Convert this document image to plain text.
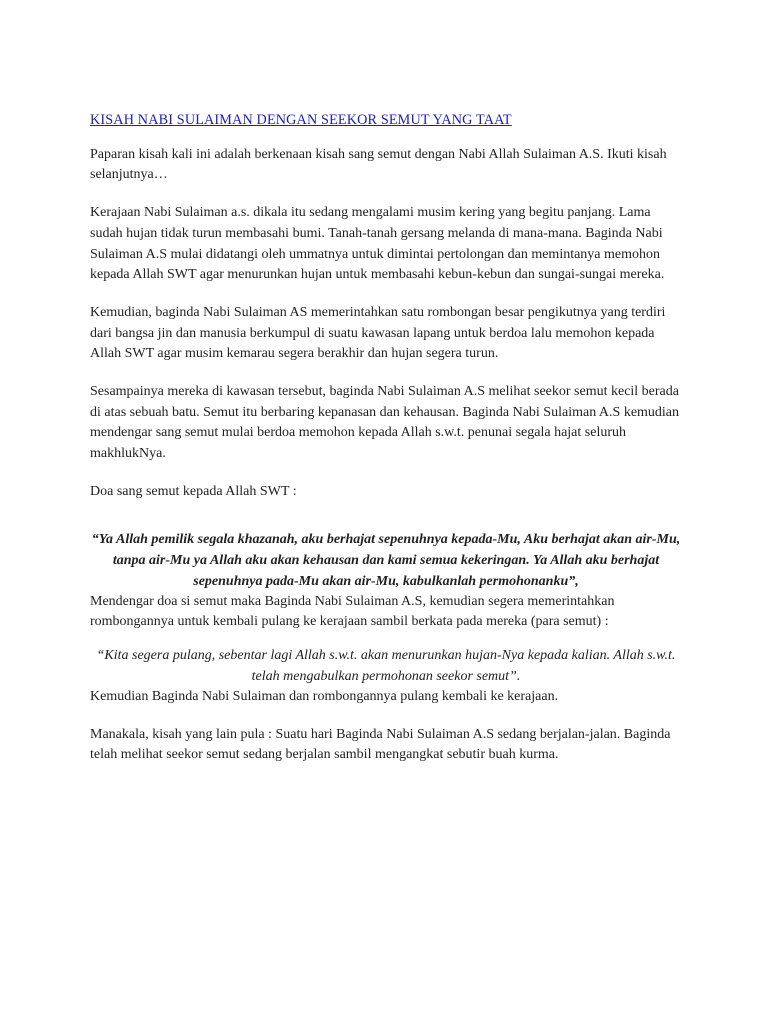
KISAH NABI SULAIMAN DENGAN SEEKOR SEMUT YANG TAAT

Paparan kisah kali ini adalah berkenaan kisah sang semut dengan Nabi Allah Sulaiman A.S. Ikuti kisah selanjutnya…

Kerajaan Nabi Sulaiman a.s. dikala itu sedang mengalami musim kering yang begitu panjang. Lama sudah hujan tidak turun membasahi bumi. Tanah-tanah gersang melanda di mana-mana. Baginda Nabi Sulaiman A.S mulai didatangi oleh ummatnya untuk dimintai pertolongan dan memintanya memohon kepada Allah SWT agar menurunkan hujan untuk membasahi kebun-kebun dan sungai-sungai mereka.

Kemudian, baginda Nabi Sulaiman AS memerintahkan satu rombongan besar pengikutnya yang terdiri dari bangsa jin dan manusia berkumpul di suatu kawasan lapang untuk berdoa lalu memohon kepada Allah SWT agar musim kemarau segera berakhir dan hujan segera turun.

Sesampainya mereka di kawasan tersebut, baginda Nabi Sulaiman A.S melihat seekor semut kecil berada di atas sebuah batu. Semut itu berbaring kepanasan dan kehausan. Baginda Nabi Sulaiman A.S kemudian mendengar sang semut mulai berdoa memohon kepada Allah s.w.t. penunai segala hajat seluruh makhlukNya.

Doa sang semut kepada Allah SWT :

“Ya Allah pemilik segala khazanah, aku berhajat sepenuhnya kepada-Mu, Aku berhajat akan air-Mu, tanpa air-Mu ya Allah aku akan kehausan dan kami semua kekeringan. Ya Allah aku berhajat sepenuhnya pada-Mu akan air-Mu, kabulkanlah permohonanku”,

Mendengar doa si semut maka Baginda Nabi Sulaiman A.S, kemudian segera memerintahkan rombongannya untuk kembali pulang ke kerajaan sambil berkata pada mereka (para semut) :

“Kita segera pulang, sebentar lagi Allah s.w.t. akan menurunkan hujan-Nya kepada kalian. Allah s.w.t. telah mengabulkan permohonan seekor semut”.

Kemudian Baginda Nabi Sulaiman dan rombongannya pulang kembali ke kerajaan.

Manakala, kisah yang lain pula : Suatu hari Baginda Nabi Sulaiman A.S sedang berjalan-jalan. Baginda telah melihat seekor semut sedang berjalan sambil mengangkat sebutir buah kurma.
